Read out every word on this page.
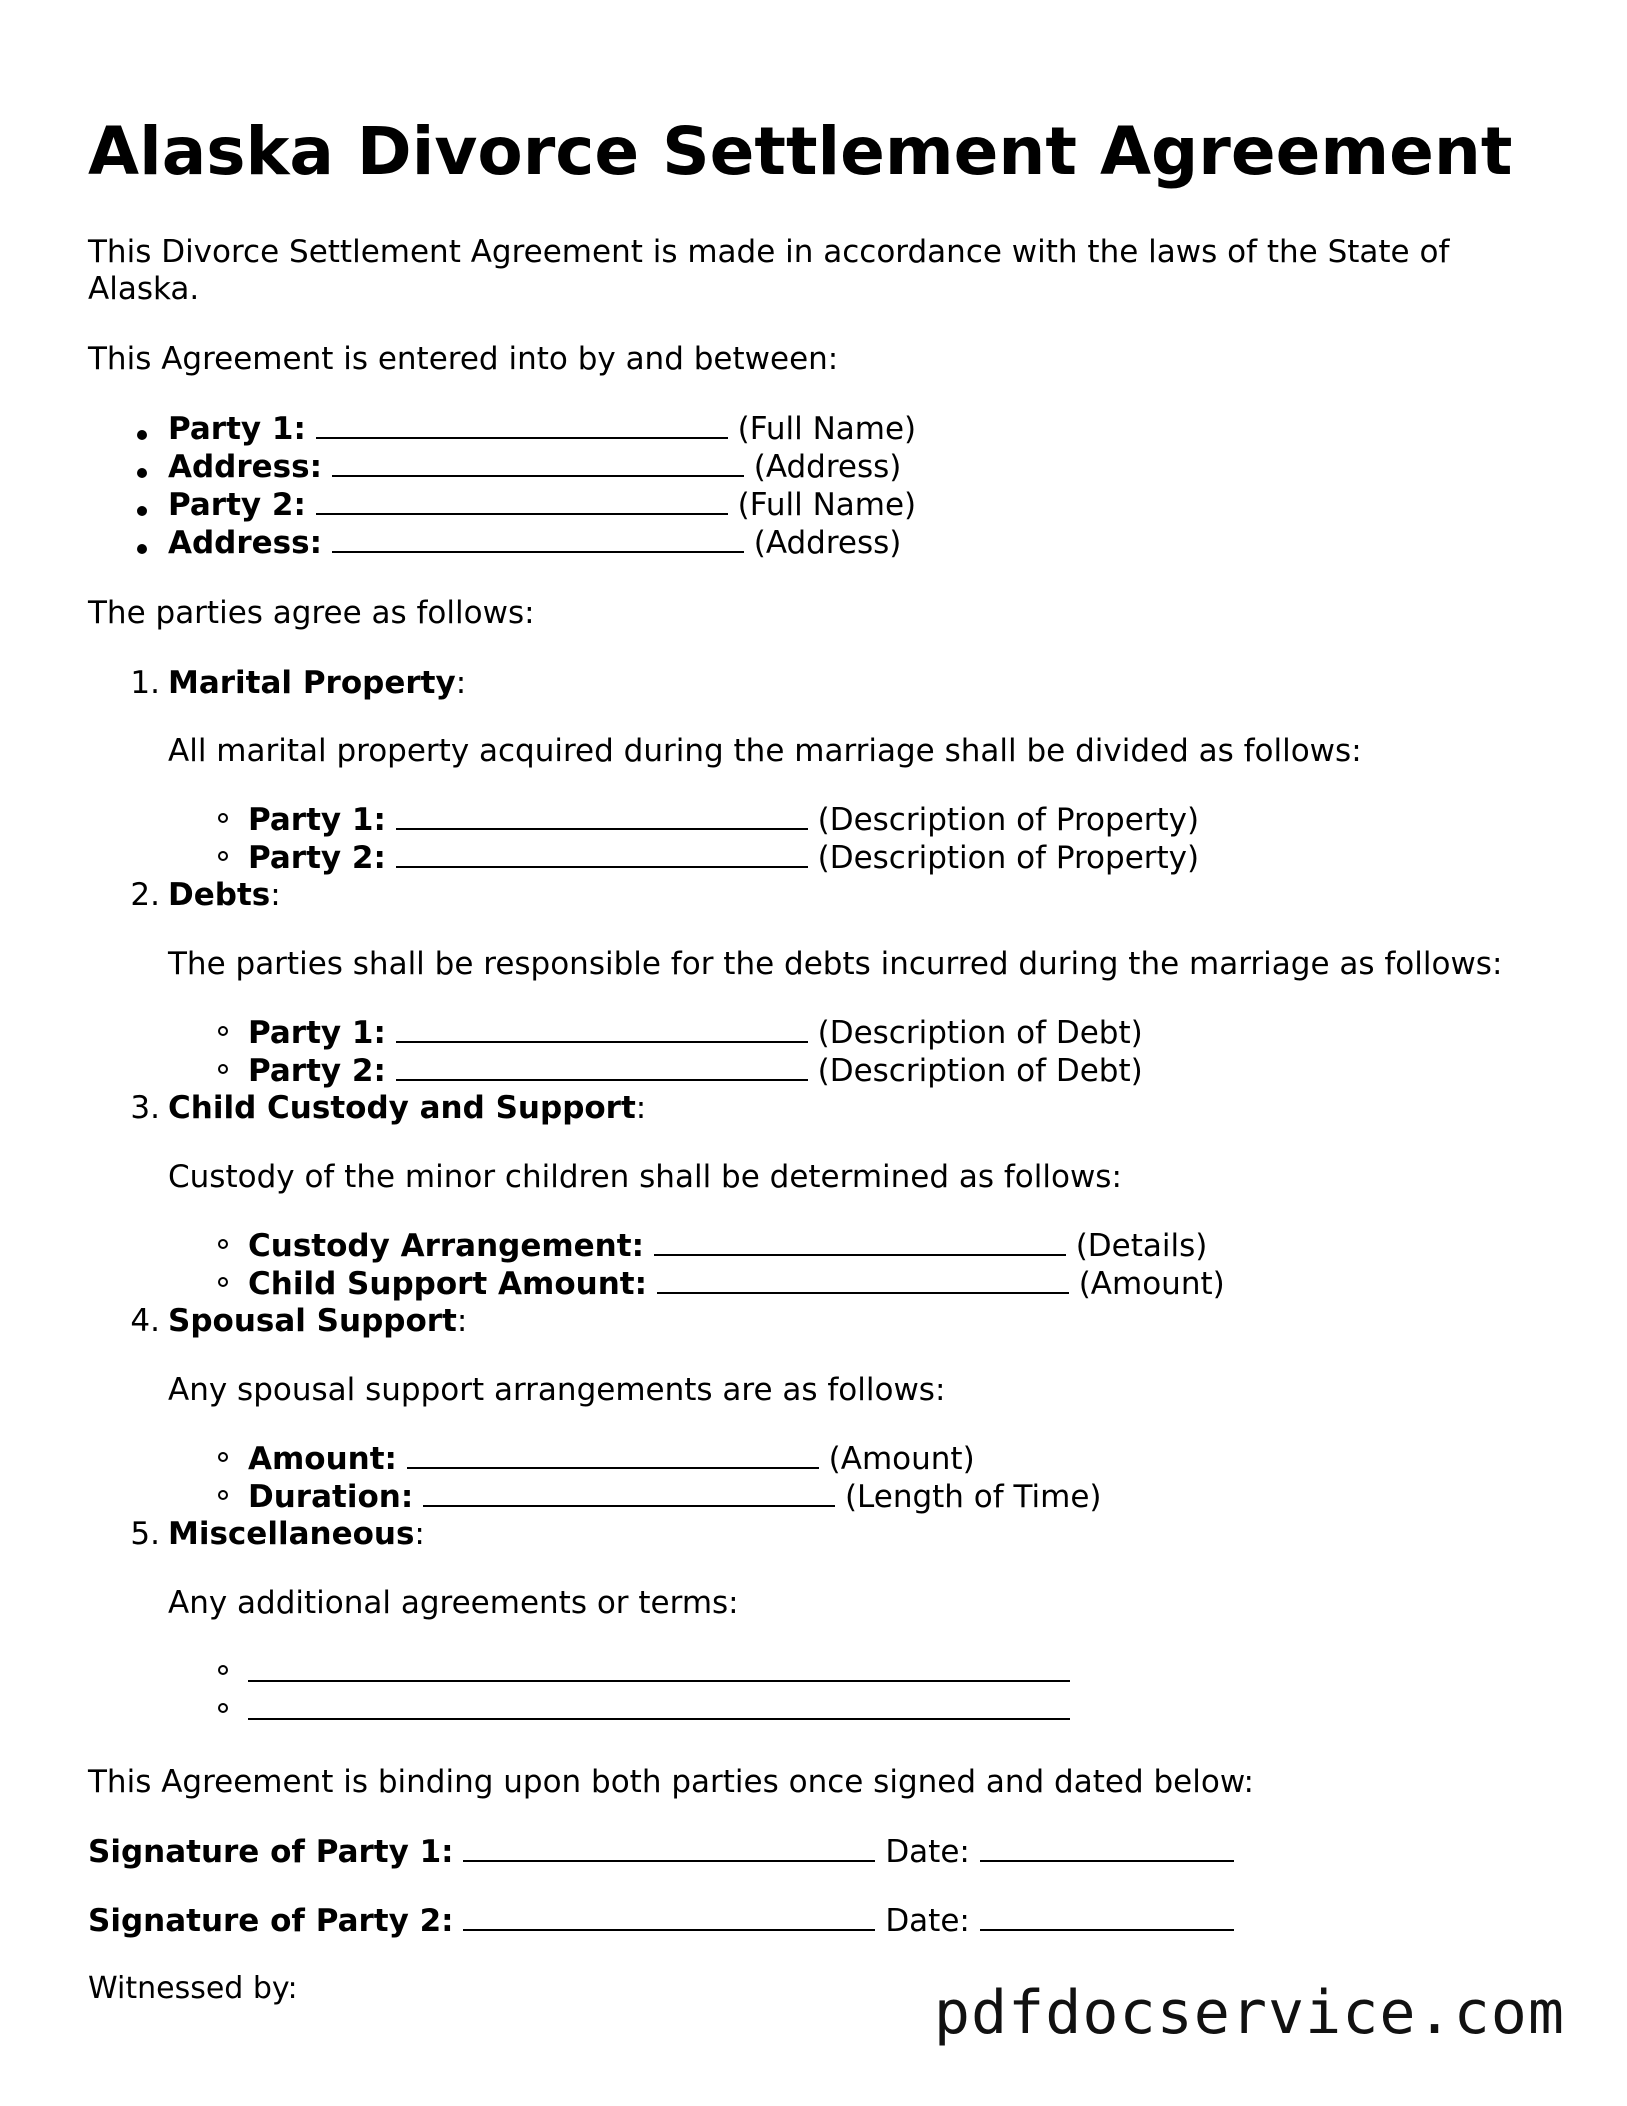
Alaska Divorce Settlement Agreement

This Divorce Settlement Agreement is made in accordance with the laws of the State of Alaska.

This Agreement is entered into by and between:

Party 1:	(Full Name)
Address:	(Address)
Party 2:	(Full Name)
Address:	(Address)

The parties agree as follows:

1. Marital Property:

All marital property acquired during the marriage shall be divided as follows:

Party 1:	(Description of Property)
Party 2:	(Description of Property)
2. Debts:

The parties shall be responsible for the debts incurred during the marriage as follows:

Party 1:	(Description of Debt)
Party 2:	(Description of Debt)
3. Child Custody and Support:

Custody of the minor children shall be determined as follows:

Custody Arrangement:	(Details)
Child Support Amount:	(Amount)
4. Spousal Support:

Any spousal support arrangements are as follows:

Amount:	(Amount)
Duration:	(Length of Time)
5. Miscellaneous:

Any additional agreements or terms:

This Agreement is binding upon both parties once signed and dated below:

Signature of Party 1:	Date:
Signature of Party 2:	Date:

Witnessed by:	pdfdocservice.com
